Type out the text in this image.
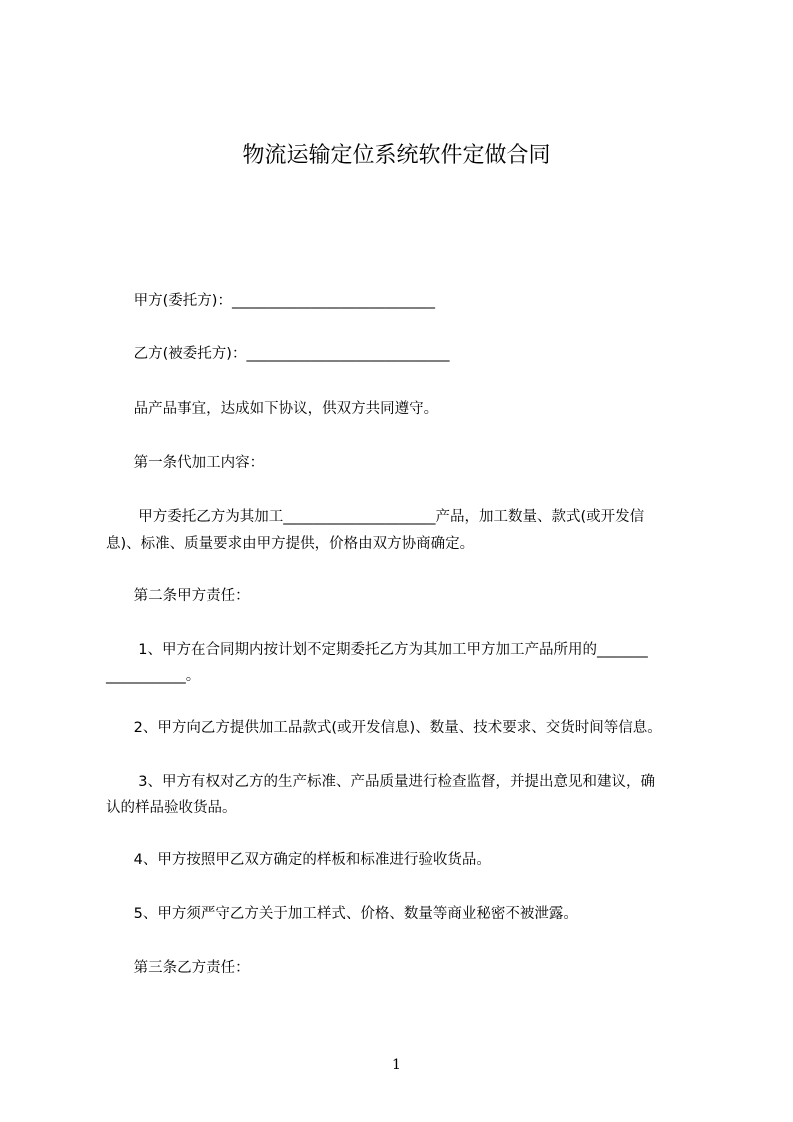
物流运输定位系统软件定做合同

甲方(委托方)：____________________________

乙方(被委托方)：____________________________

品产品事宜，达成如下协议，供双方共同遵守。

第一条代加工内容：

甲方委托乙方为其加工_____________________产品，加工数量、款式(或开发信

息)、标准、质量要求由甲方提供，价格由双方协商确定。

第二条甲方责任：

1、甲方在合同期内按计划不定期委托乙方为其加工甲方加工产品所用的_______

___________。

2、甲方向乙方提供加工品款式(或开发信息)、数量、技术要求、交货时间等信息。

3、甲方有权对乙方的生产标准、产品质量进行检查监督，并提出意见和建议，确

认的样品验收货品。

4、甲方按照甲乙双方确定的样板和标准进行验收货品。

5、甲方须严守乙方关于加工样式、价格、数量等商业秘密不被泄露。

第三条乙方责任：

1
